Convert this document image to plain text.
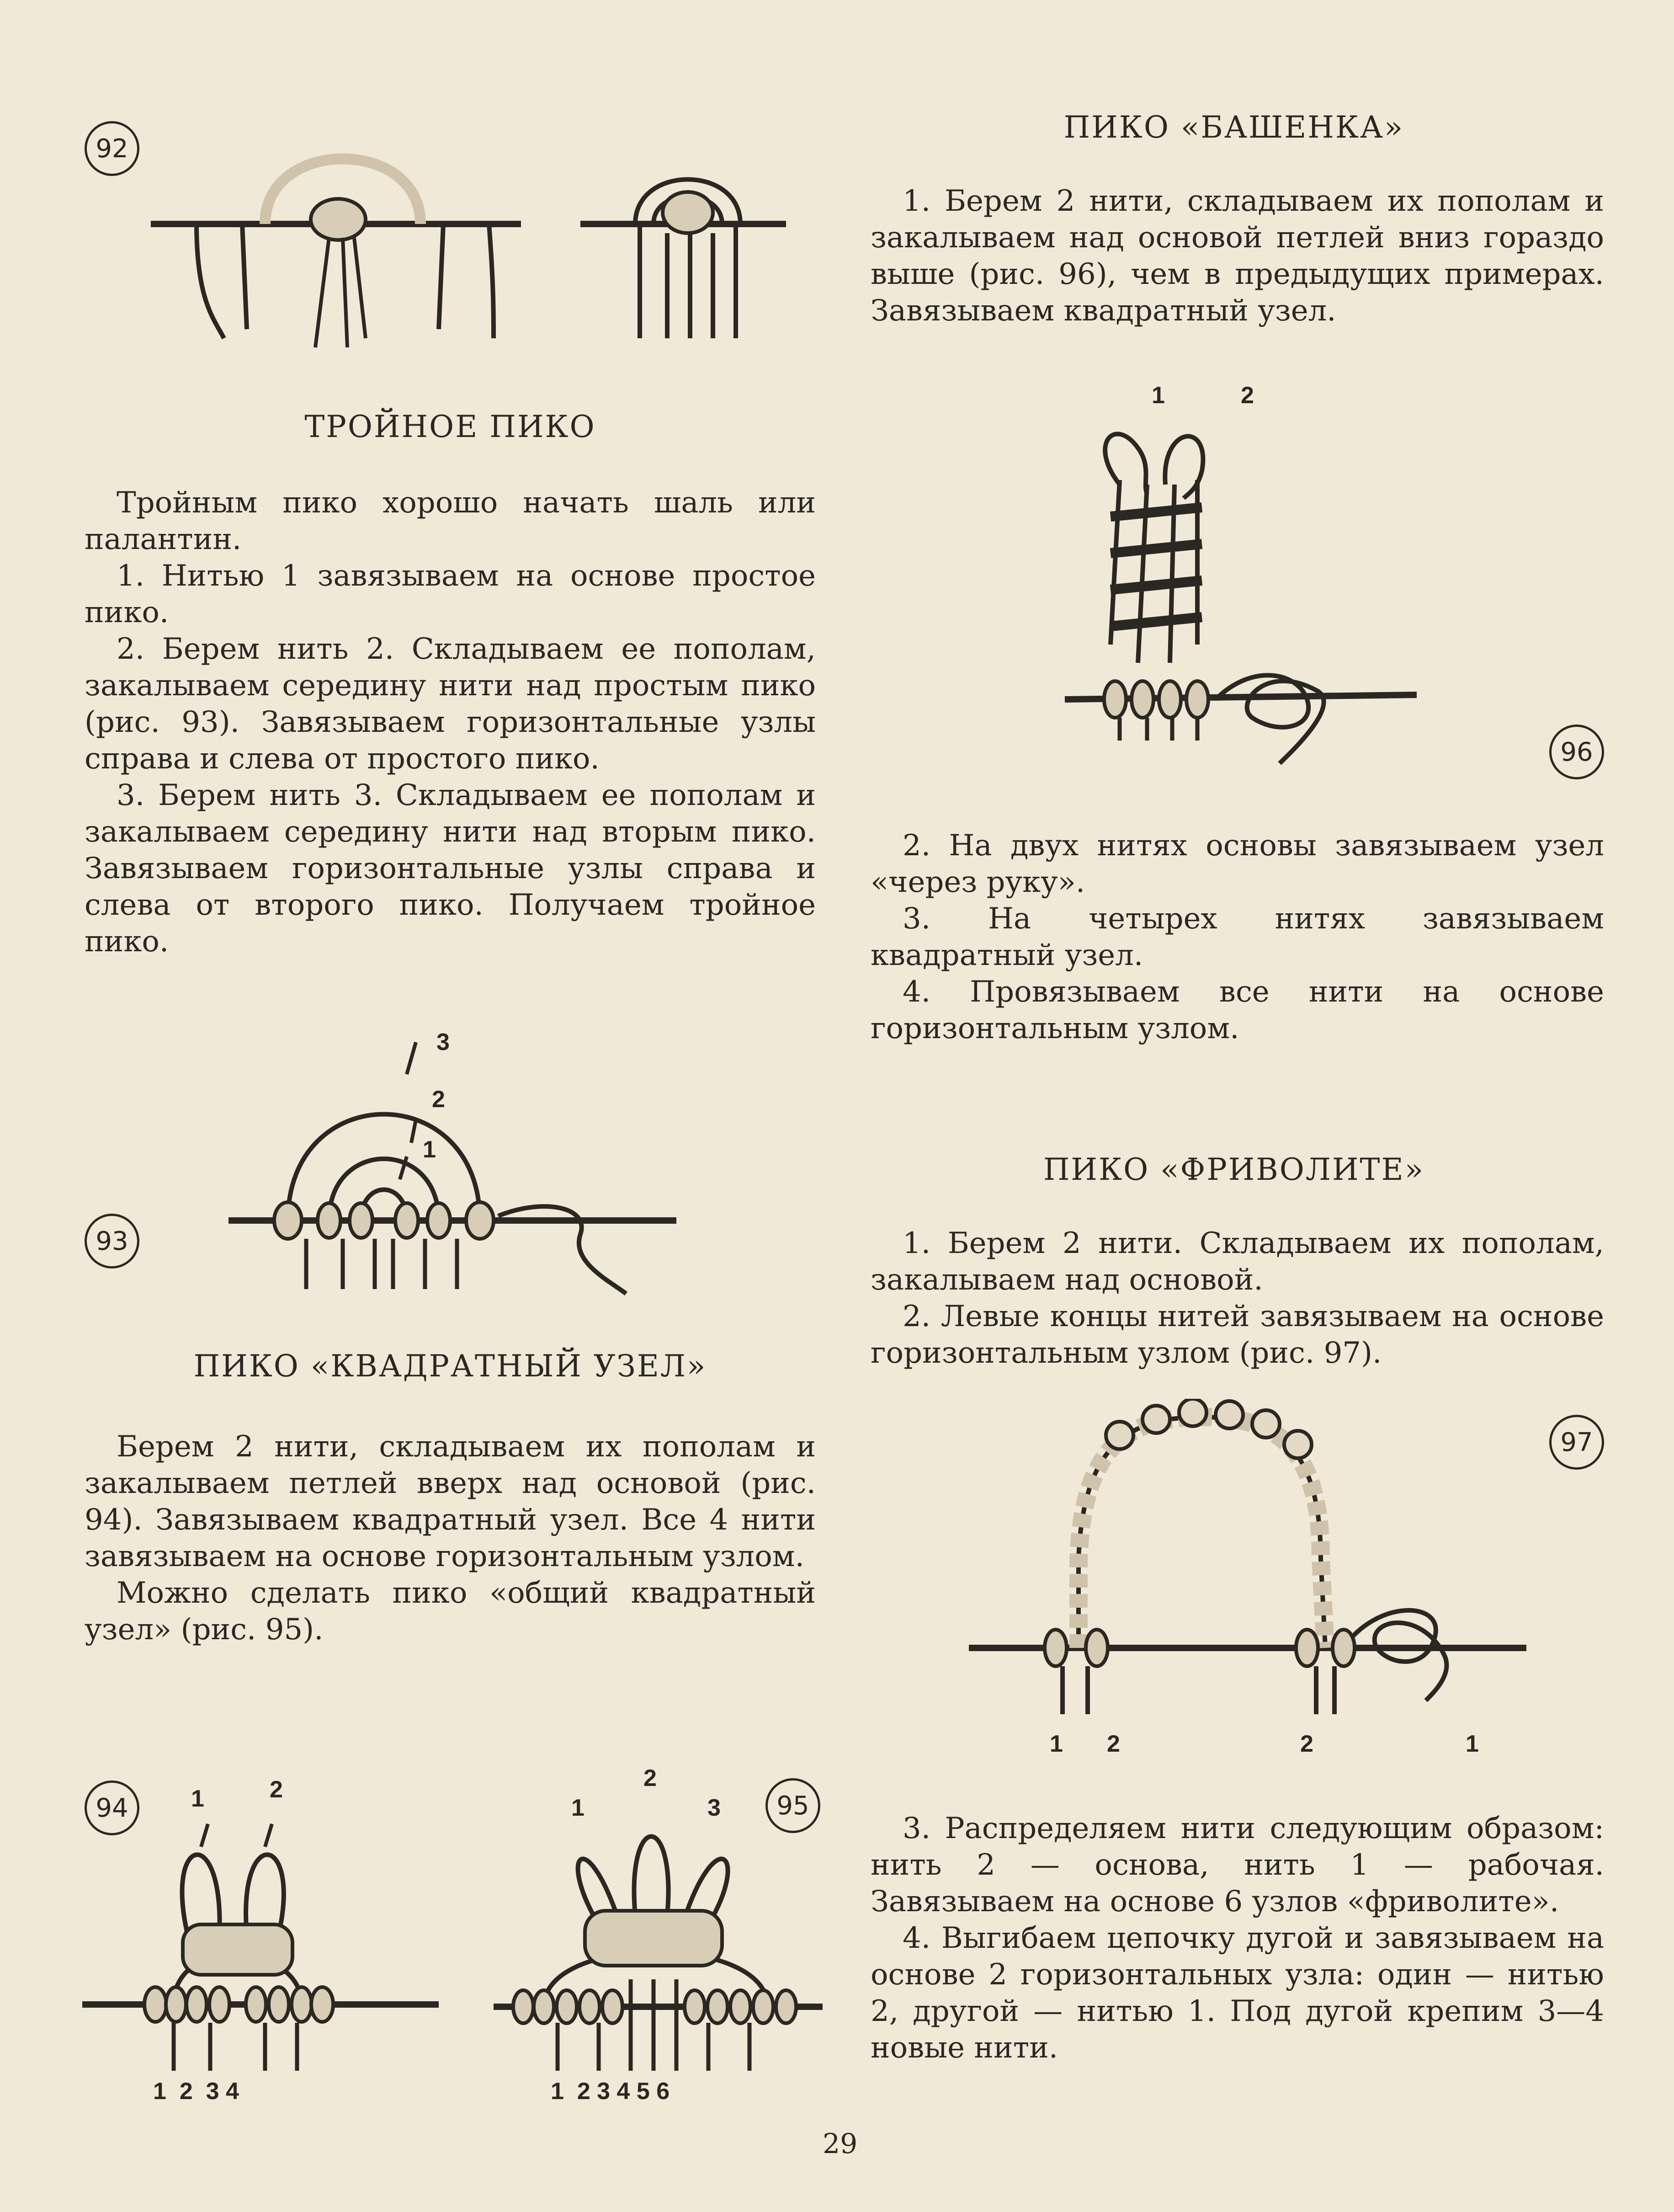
92
ТРОЙНОЕ ПИКО

Тройным пико хорошо начать шаль или палантин.

1. Нитью 1 завязываем на основе простое пико.

2. Берем нить 2. Складываем ее пополам, закалываем середину нити над простым пико (рис. 93). Завязываем горизонтальные узлы справа и слева от простого пико.

3. Берем нить 3. Складываем ее пополам и закалываем середину нити над вторым пико. Завязываем горизонтальные узлы справа и слева от второго пико. Получаем тройное пико.

93
3
2
1
ПИКО «КВАДРАТНЫЙ УЗЕЛ»

Берем 2 нити, складываем их пополам и закалываем петлей вверх над основой (рис. 94). Завязываем квадратный узел. Все 4 нити завязываем на основе горизонтальным узлом.

Можно сделать пико «общий квадратный узел» (рис. 95).

94	1	2
1  2  3 4
95
1
2
3
1  2 3 4 5 6
ПИКО «БАШЕНКА»

1. Берем 2 нити, складываем их пополам и закалываем над основой петлей вниз гораздо выше (рис. 96), чем в предыдущих примерах. Завязываем квадратный узел.

1	2
96

2. На двух нитях основы завязываем узел «через руку».

3. На четырех нитях завязываем квадратный узел.

4. Провязываем все нити на основе горизонтальным узлом.

ПИКО «ФРИВОЛИТЕ»

1. Берем 2 нити. Складываем их пополам, закалываем над основой.

2. Левые концы нитей завязываем на основе горизонтальным узлом (рис. 97).

97
1 2	2	1

3. Распределяем нити следующим образом: нить 2 — основа, нить 1 — рабочая. Завязываем на основе 6 узлов «фриволите».

4. Выгибаем цепочку дугой и завязываем на основе 2 горизонтальных узла: один — нитью 2, другой — нитью 1. Под дугой крепим 3—4 новые нити.

29
